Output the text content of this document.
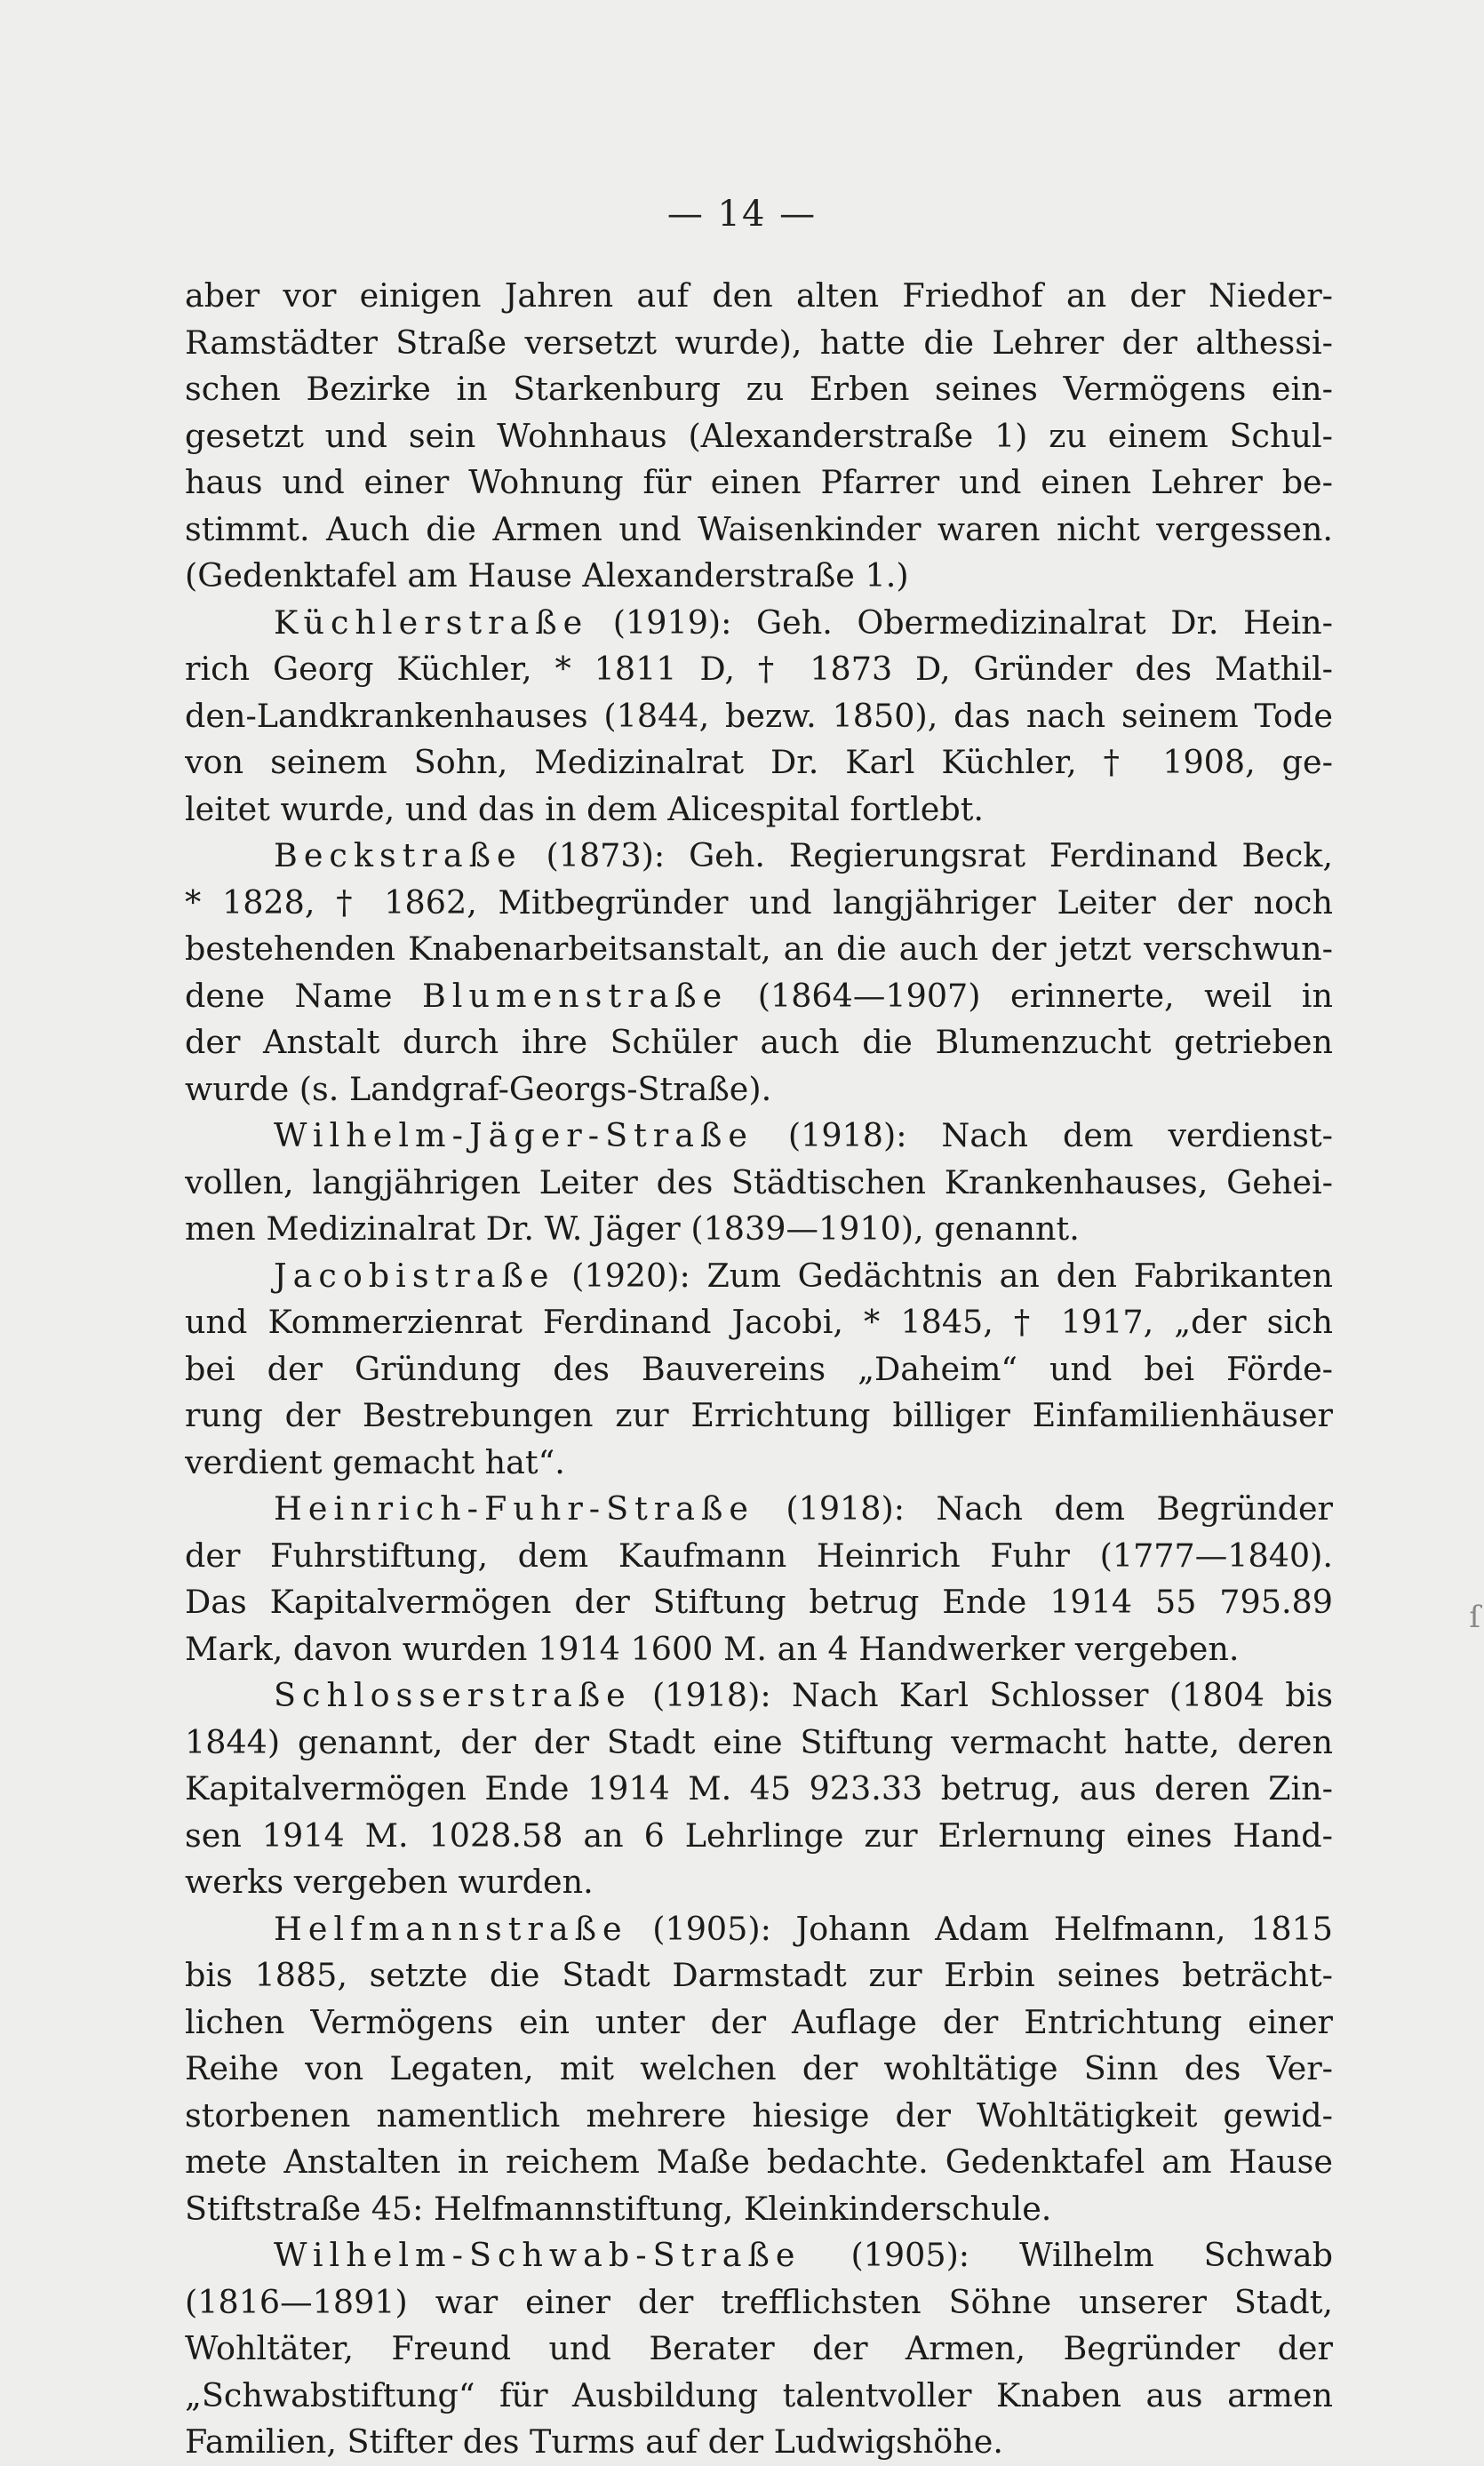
— 14 —
aber vor einigen Jahren auf den alten Friedhof an der Nieder-
Ramstädter Straße versetzt wurde), hatte die Lehrer der althessi-
schen Bezirke in Starkenburg zu Erben seines Vermögens ein-
gesetzt und sein Wohnhaus (Alexanderstraße 1) zu einem Schul-
haus und einer Wohnung für einen Pfarrer und einen Lehrer be-
stimmt. Auch die Armen und Waisenkinder waren nicht vergessen.
(Gedenktafel am Hause Alexanderstraße 1.)
Küchlerstraße (1919): Geh. Obermedizinalrat Dr. Hein-
rich Georg Küchler, * 1811 D, † 1873 D, Gründer des Mathil-
den-Landkrankenhauses (1844, bezw. 1850), das nach seinem Tode
von seinem Sohn, Medizinalrat Dr. Karl Küchler, † 1908, ge-
leitet wurde, und das in dem Alicespital fortlebt.
Beckstraße (1873): Geh. Regierungsrat Ferdinand Beck,
* 1828, † 1862, Mitbegründer und langjähriger Leiter der noch
bestehenden Knabenarbeitsanstalt, an die auch der jetzt verschwun-
dene Name Blumenstraße (1864—1907) erinnerte, weil in
der Anstalt durch ihre Schüler auch die Blumenzucht getrieben
wurde (s. Landgraf-Georgs-Straße).
Wilhelm-Jäger-Straße (1918): Nach dem verdienst-
vollen, langjährigen Leiter des Städtischen Krankenhauses, Gehei-
men Medizinalrat Dr. W. Jäger (1839—1910), genannt.
Jacobistraße (1920): Zum Gedächtnis an den Fabrikanten
und Kommerzienrat Ferdinand Jacobi, * 1845, † 1917, „der sich
bei der Gründung des Bauvereins „Daheim“ und bei Förde-
rung der Bestrebungen zur Errichtung billiger Einfamilienhäuser
verdient gemacht hat“.
Heinrich-Fuhr-Straße (1918): Nach dem Begründer
der Fuhrstiftung, dem Kaufmann Heinrich Fuhr (1777—1840).
Das Kapitalvermögen der Stiftung betrug Ende 1914 55 795.89
Mark, davon wurden 1914 1600 M. an 4 Handwerker vergeben.
Schlosserstraße (1918): Nach Karl Schlosser (1804 bis
1844) genannt, der der Stadt eine Stiftung vermacht hatte, deren
Kapitalvermögen Ende 1914 M. 45 923.33 betrug, aus deren Zin-
sen 1914 M. 1028.58 an 6 Lehrlinge zur Erlernung eines Hand-
werks vergeben wurden.
Helfmannstraße (1905): Johann Adam Helfmann, 1815
bis 1885, setzte die Stadt Darmstadt zur Erbin seines beträcht-
lichen Vermögens ein unter der Auflage der Entrichtung einer
Reihe von Legaten, mit welchen der wohltätige Sinn des Ver-
storbenen namentlich mehrere hiesige der Wohltätigkeit gewid-
mete Anstalten in reichem Maße bedachte. Gedenktafel am Hause
Stiftstraße 45: Helfmannstiftung, Kleinkinderschule.
Wilhelm-Schwab-Straße (1905): Wilhelm Schwab
(1816—1891) war einer der trefflichsten Söhne unserer Stadt,
Wohltäter, Freund und Berater der Armen, Begründer der
„Schwabstiftung“ für Ausbildung talentvoller Knaben aus armen
Familien, Stifter des Turms auf der Ludwigshöhe.
ſ
